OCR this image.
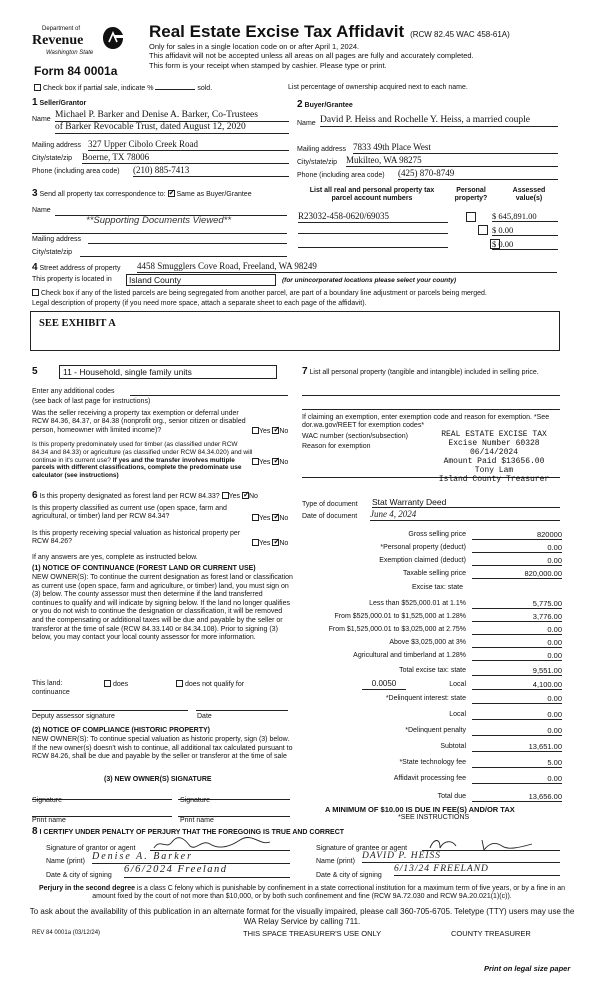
Department of
Revenue
Washington State
Form 84 0001a
Real Estate Excise Tax Affidavit (RCW 82.45 WAC 458-61A)
Only for sales in a single location code on or after April 1, 2024.
This affidavit will not be accepted unless all areas on all pages are fully and accurately completed.
This form is your receipt when stamped by cashier. Please type or print.
Check box if partial sale, indicate %	sold.	List percentage of ownership acquired next to each name.
1 Seller/Grantor
Name Michael P. Barker and Denise A. Barker, Co-Trustees
of Barker Revocable Trust, dated August 12, 2020
Mailing address 327 Upper Cibolo Creek Road
City/state/zip Boerne, TX 78006
Phone (including area code) (210) 885-7413
2 Buyer/Grantee
Name David P. Heiss and Rochelle Y. Heiss, a married couple
Mailing address 7833 49th Place West
City/state/zip Mukilteo, WA 98275
Phone (including area code) (425) 870-8749
3 Send all property tax correspondence to: ✓ Same as Buyer/Grantee
Name
**Supporting Documents Viewed**
Mailing address
City/state/zip
List all real and personal property tax parcel account numbers
Personal property?
Assessed value(s)
R23032-458-0620/69035
	$ 645,891.00

$ 0.00
$ 0.00
4 Street address of property 4458 Smugglers Cove Road, Freeland, WA 98249
This property is located in	Island County	(for unincorporated locations please select your county)
Check box if any of the listed parcels are being segregated from another parcel, are part of a boundary line adjustment or parcels being merged.
Legal description of property (if you need more space, attach a separate sheet to each page of the affidavit).
SEE EXHIBIT A
5	11 - Household, single family units
Enter any additional codes
(see back of last page for instructions)
Was the seller receiving a property tax exemption or deferral under RCW 84.36, 84.37, or 84.38 (nonprofit org., senior citizen or disabled person, homeowner with limited income)?	Yes ✓ No
Is this property predominately used for timber (as classified under RCW 84.34 and 84.33) or agriculture (as classified under RCW 84.34.020) and will continue in it's current use? If yes and the transfer involves multiple parcels with different classifications, complete the predominate use calculator (see instructions)
Yes ✓ No
6 Is this property designated as forest land per RCW 84.33? Yes ✓ No
Is this property classified as current use (open space, farm and agricultural, or timber) land per RCW 84.34?	Yes ✓ No
Is this property receiving special valuation as historical property per RCW 84.26?	Yes ✓ No
If any answers are yes, complete as instructed below.
(1) NOTICE OF CONTINUANCE (FOREST LAND OR CURRENT USE)
NEW OWNER(S): To continue the current designation as forest land or classification as current use (open space, farm and agriculture, or timber) land, you must sign on (3) below. The county assessor must then determine if the land transferred continues to qualify and will indicate by signing below. If the land no longer qualifies or you do not wish to continue the designation or classification, it will be removed and the compensating or additional taxes will be due and payable by the seller or transferor at the time of sale (RCW 84.33.140 or 84.34.108). Prior to signing (3) below, you may contact your local county assessor for more information.
This land:	does	does not qualify for
continuance
Deputy assessor signature	Date
(2) NOTICE OF COMPLIANCE (HISTORIC PROPERTY)
NEW OWNER(S): To continue special valuation as historic property, sign (3) below. If the new owner(s) doesn't wish to continue, all additional tax calculated pursuant to RCW 84.26, shall be due and payable by the seller or transferor at the time of sale
(3) NEW OWNER(S) SIGNATURE
Signature	Signature
Print name	Print name
7 List all personal property (tangible and intangible) included in selling price.
If claiming an exemption, enter exemption code and reason for exemption. *See dor.wa.gov/REET for exemption codes*
WAC number (section/subsection)
Reason for exemption
REAL ESTATE EXCISE TAX
Excise Number 60328
06/14/2024
Amount Paid $13656.00
Tony Lam
Island County Treasurer
Type of document Stat Warranty Deed
Date of document June 4, 2024
Gross selling price	820000
*Personal property (deduct)	0.00
Exemption claimed (deduct)	0.00
Taxable selling price	820,000.00
Excise tax: state
Less than $525,000.01 at 1.1%	5,775.00
From $525,000.01 to $1,525,000 at 1.28%	3,776.00
From $1,525,000.01 to $3,025,000 at 2.75%	0.00
Above $3,025,000 at 3%	0.00
Agricultural and timberland at 1.28%	0.00
Total excise tax: state	9,551.00
0.0050	Local	4,100.00
*Delinquent interest: state	0.00
Local	0.00
*Delinquent penalty	0.00
Subtotal	13,651.00
*State technology fee	5.00
Affidavit processing fee	0.00
Total due	13,656.00
A MINIMUM OF $10.00 IS DUE IN FEE(S) AND/OR TAX
*SEE INSTRUCTIONS
8 I CERTIFY UNDER PENALTY OF PERJURY THAT THE FOREGOING IS TRUE AND CORRECT
Signature of grantor or agent	Signature of grantee or agent
Name (print) Denise A. Barker	Name (print)
DAVID P. HEISS
Date & city of signing
6/6/2024 Freeland
Date & city of signing
6/13/24 FREELAND
Perjury in the second degree is a class C felony which is punishable by confinement in a state correctional institution for a maximum term of five years, or by a fine in an amount fixed by the court of not more than $10,000, or by both such confinement and fine (RCW 9A.72.030 and RCW 9A.20.021(1)(c)).
To ask about the availability of this publication in an alternate format for the visually impaired, please call 360-705-6705. Teletype (TTY) users may use the WA Relay Service by calling 711.
REV 84 0001a (03/12/24)	THIS SPACE TREASURER'S USE ONLY	COUNTY TREASURER
Print on legal size paper
